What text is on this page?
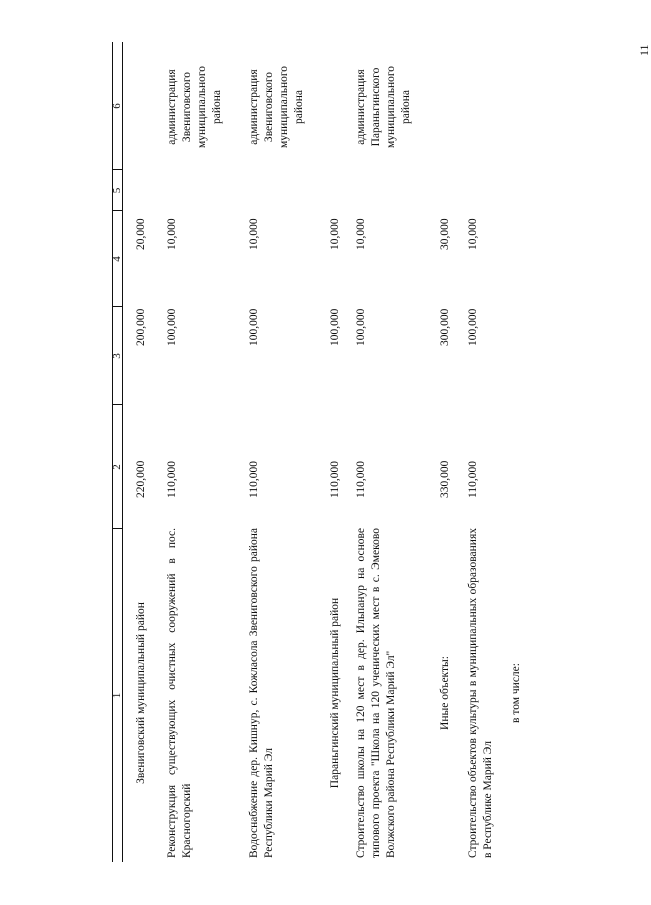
11
1
2
3
4
5
6
Звениговский муниципальный район
220,000
200,000
20,000
Реконструкция существующих очистных сооружений в пос. Красногорский
110,000
100,000
10,000
администрация Звениговского муниципального района
Водоснабжение дер. Кишнур, с. Кожласола Звениговского района Республики Марий Эл
110,000
100,000
10,000
администрация Звениговского муниципального района
Параньгинский муниципальный район
110,000
100,000
10,000
Строительство школы на 120 мест в дер. Ильпанур на основе типового проекта "Школа на 120 ученических мест в с. Эмеково Волжского района Республики Марий Эл"
110,000
100,000
10,000
администрация Параньгинского муниципального района
Иные объекты:
330,000
300,000
30,000
в том числе:
Строительство объектов культуры в муниципальных образованиях в Республике Марий Эл
110,000
100,000
10,000
